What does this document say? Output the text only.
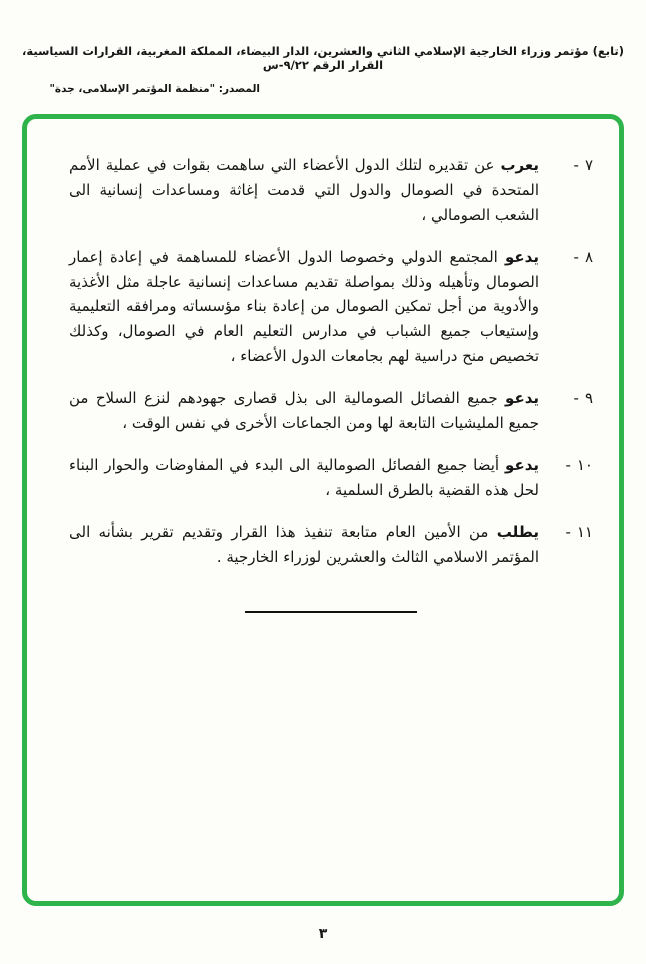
(تابع) مؤتمر وزراء الخارجية الإسلامي الثاني والعشرين، الدار البيضاء، المملكة المغربية، القرارات السياسية، القرار الرقم ٩/٢٢-س
المصدر: "منظمة المؤتمر الإسلامى، جدة"
٧-
يعرب عن تقديره لتلك الدول الأعضاء التي ساهمت بقوات في عملية الأمم المتحدة في الصومال والدول التي قدمت إغاثة ومساعدات إنسانية الى الشعب الصومالي ،
٨-
يدعو المجتمع الدولي وخصوصا الدول الأعضاء للمساهمة في إعادة إعمار الصومال وتأهيله وذلك بمواصلة تقديم مساعدات إنسانية عاجلة مثل الأغذية والأدوية من أجل تمكين الصومال من إعادة بناء مؤسساته ومرافقه التعليمية وإستيعاب جميع الشباب في مدارس التعليم العام في الصومال، وكذلك تخصيص منح دراسية لهم بجامعات الدول الأعضاء ،
٩-
يدعو جميع الفصائل الصومالية الى بذل قصارى جهودهم لنزع السلاح من جميع المليشيات التابعة لها ومن الجماعات الأخرى في نفس الوقت ،
١٠-
يدعو أيضا جميع الفصائل الصومالية الى البدء في المفاوضات والحوار البناء لحل هذه القضية بالطرق السلمية ،
١١-
يطلب من الأمين العام متابعة تنفيذ هذا القرار وتقديم تقرير بشأنه الى المؤتمر الاسلامي الثالث والعشرين لوزراء الخارجية .
٣
